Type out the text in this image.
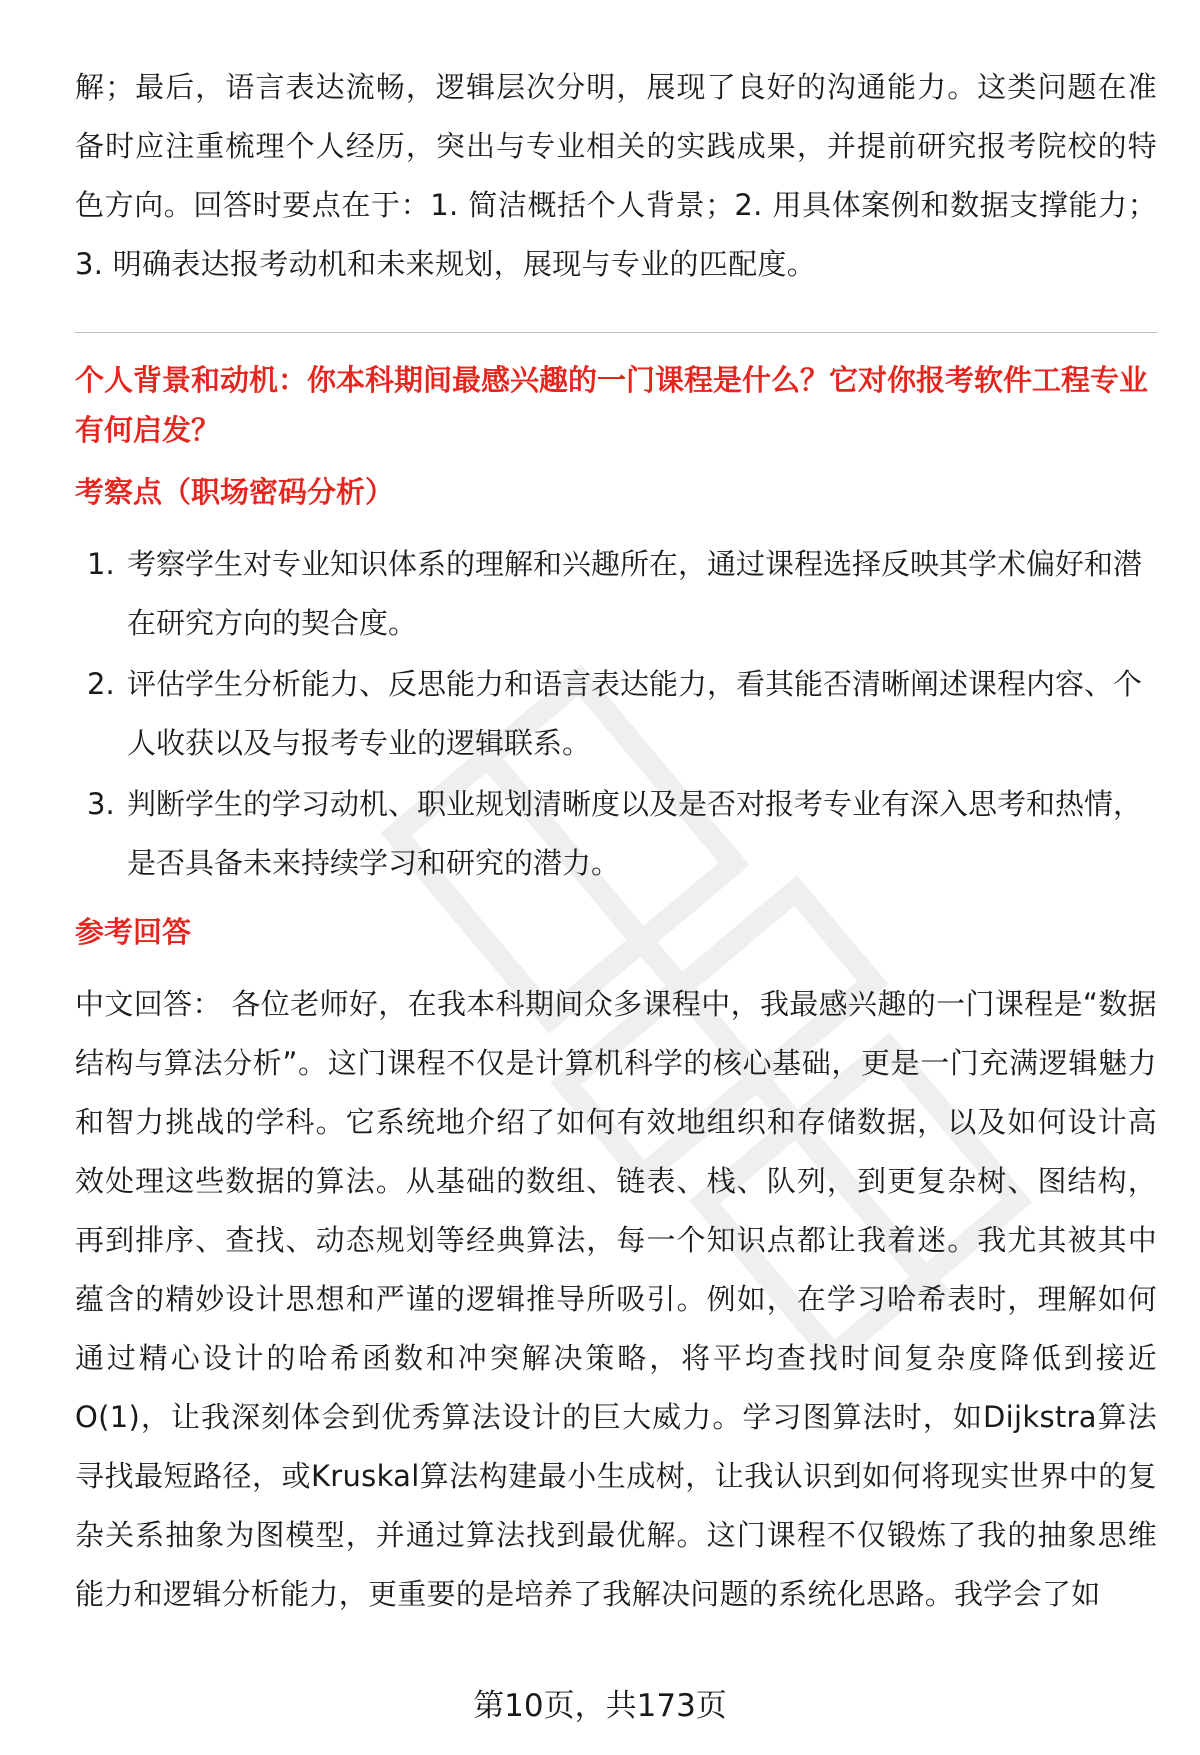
解；最后，语言表达流畅，逻辑层次分明，展现了良好的沟通能力。这类问题在准备时应注重梳理个人经历，突出与专业相关的实践成果，并提前研究报考院校的特色方向。回答时要点在于：1. 简洁概括个人背景；2. 用具体案例和数据支撑能力；3. 明确表达报考动机和未来规划，展现与专业的匹配度。

个人背景和动机：你本科期间最感兴趣的一门课程是什么？它对你报考软件工程专业有何启发？

考察点（职场密码分析）

1. 考察学生对专业知识体系的理解和兴趣所在，通过课程选择反映其学术偏好和潜在研究方向的契合度。
2. 评估学生分析能力、反思能力和语言表达能力，看其能否清晰阐述课程内容、个人收获以及与报考专业的逻辑联系。
3. 判断学生的学习动机、职业规划清晰度以及是否对报考专业有深入思考和热情，是否具备未来持续学习和研究的潜力。

参考回答

中文回答： 各位老师好，在我本科期间众多课程中，我最感兴趣的一门课程是“数据结构与算法分析”。这门课程不仅是计算机科学的核心基础，更是一门充满逻辑魅力和智力挑战的学科。它系统地介绍了如何有效地组织和存储数据，以及如何设计高效处理这些数据的算法。从基础的数组、链表、栈、队列，到更复杂树、图结构，再到排序、查找、动态规划等经典算法，每一个知识点都让我着迷。我尤其被其中蕴含的精妙设计思想和严谨的逻辑推导所吸引。例如，在学习哈希表时，理解如何通过精心设计的哈希函数和冲突解决策略，将平均查找时间复杂度降低到接近O(1)，让我深刻体会到优秀算法设计的巨大威力。学习图算法时，如Dijkstra算法寻找最短路径，或Kruskal算法构建最小生成树，让我认识到如何将现实世界中的复杂关系抽象为图模型，并通过算法找到最优解。这门课程不仅锻炼了我的抽象思维能力和逻辑分析能力，更重要的是培养了我解决问题的系统化思路。我学会了如

第10页，共173页
